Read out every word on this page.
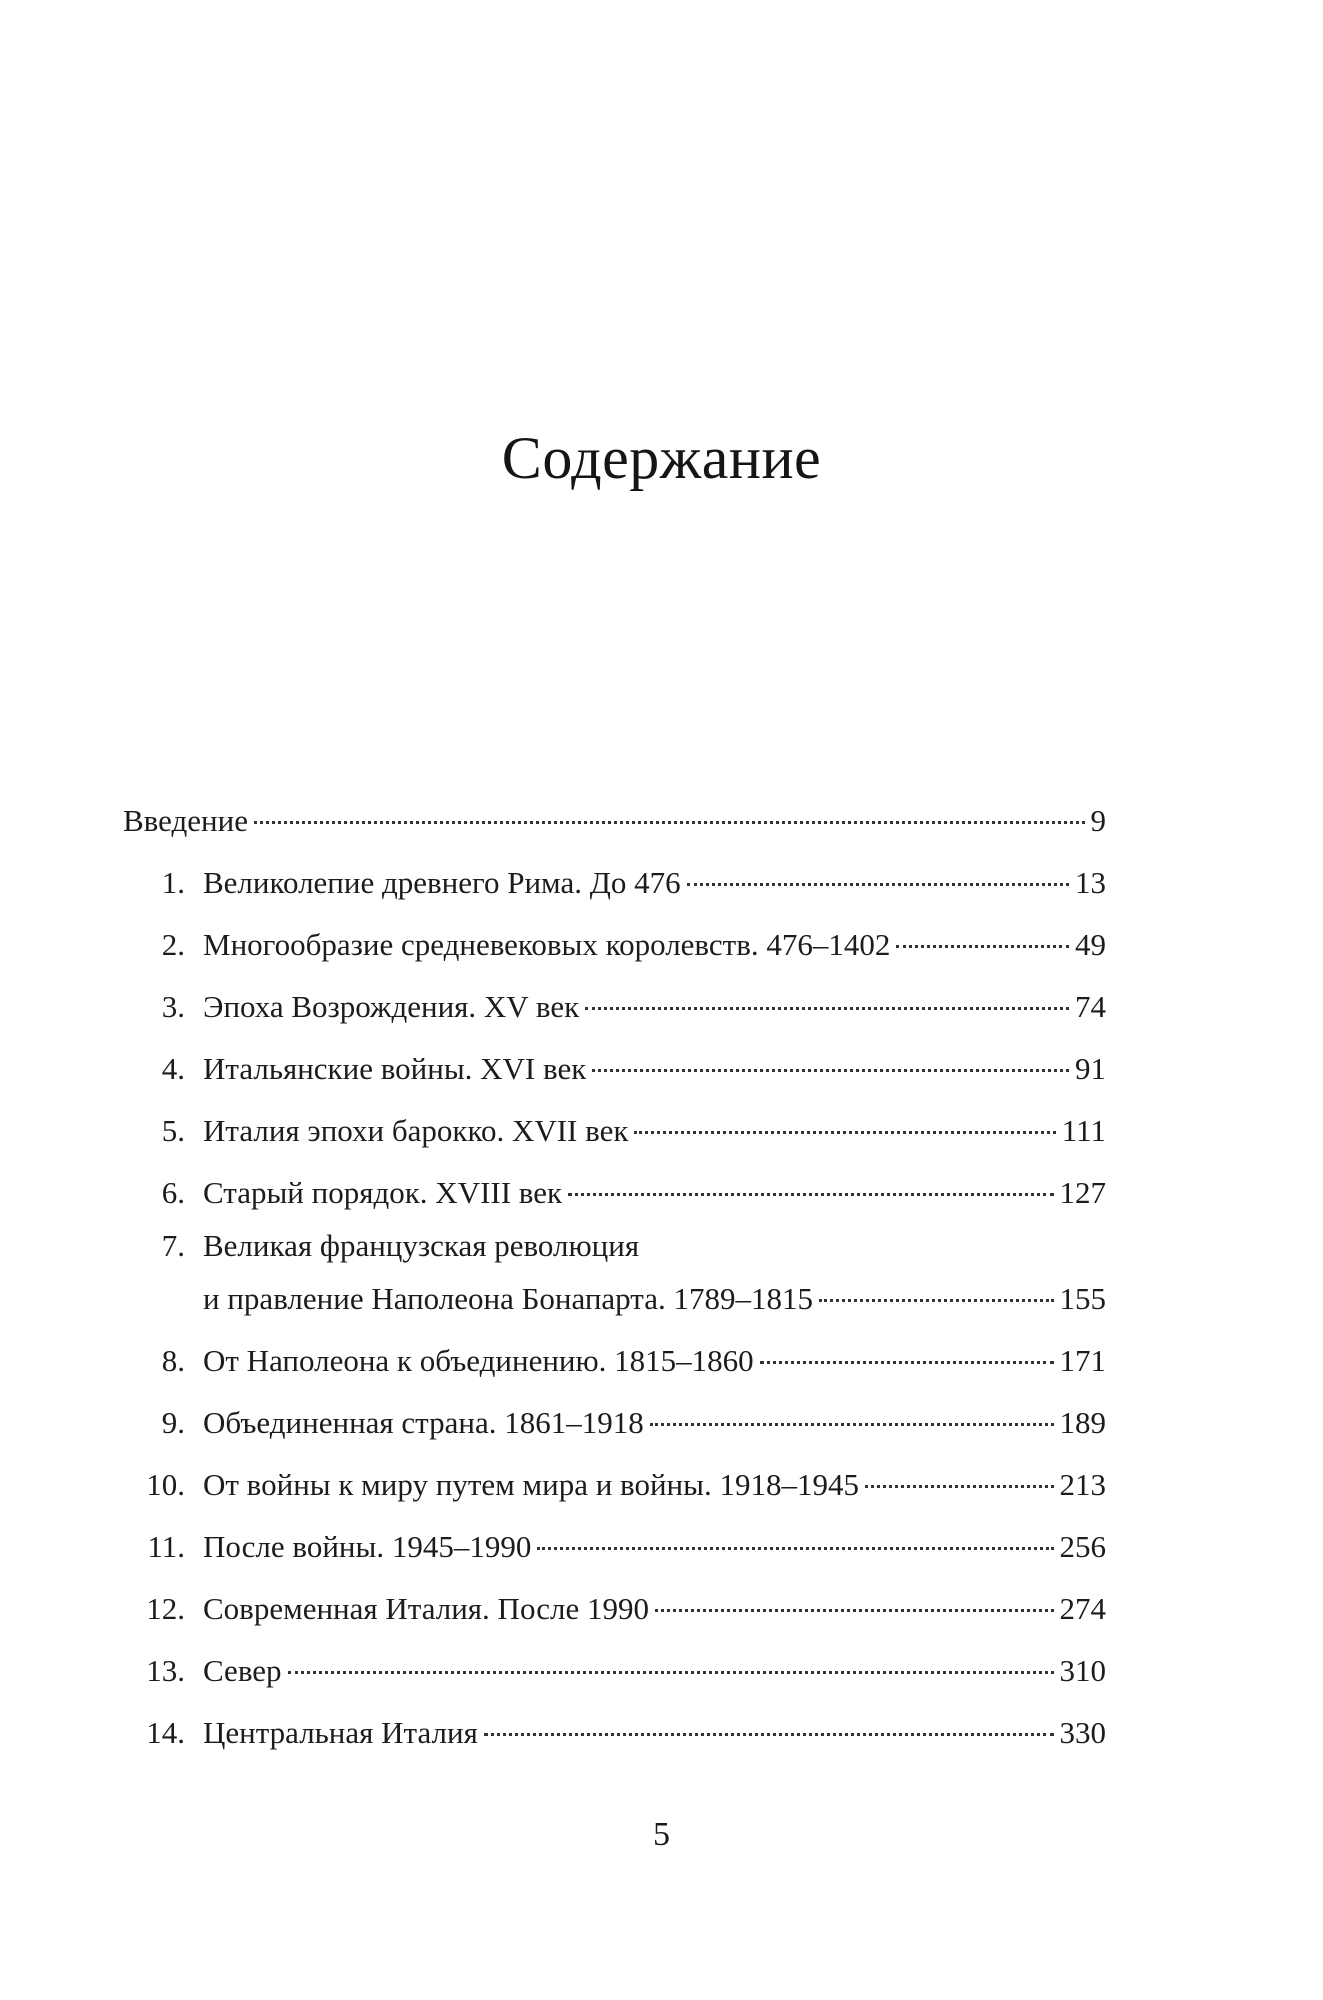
Содержание
Введение	9
1. Великолепие древнего Рима. До 476	13
2. Многообразие средневековых королевств. 476–1402	49
3. Эпоха Возрождения. XV век	74
4. Итальянские войны. XVI век	91
5. Италия эпохи барокко. XVII век	111
6. Старый порядок. XVIII век	127
7. Великая французская революция
и правление Наполеона Бонапарта. 1789–1815	155
8. От Наполеона к объединению. 1815–1860	171
9. Объединенная страна. 1861–1918	189
10. От войны к миру путем мира и войны. 1918–1945	213
11. После войны. 1945–1990	256
12. Современная Италия. После 1990	274
13. Север	310
14. Центральная Италия	330
5
